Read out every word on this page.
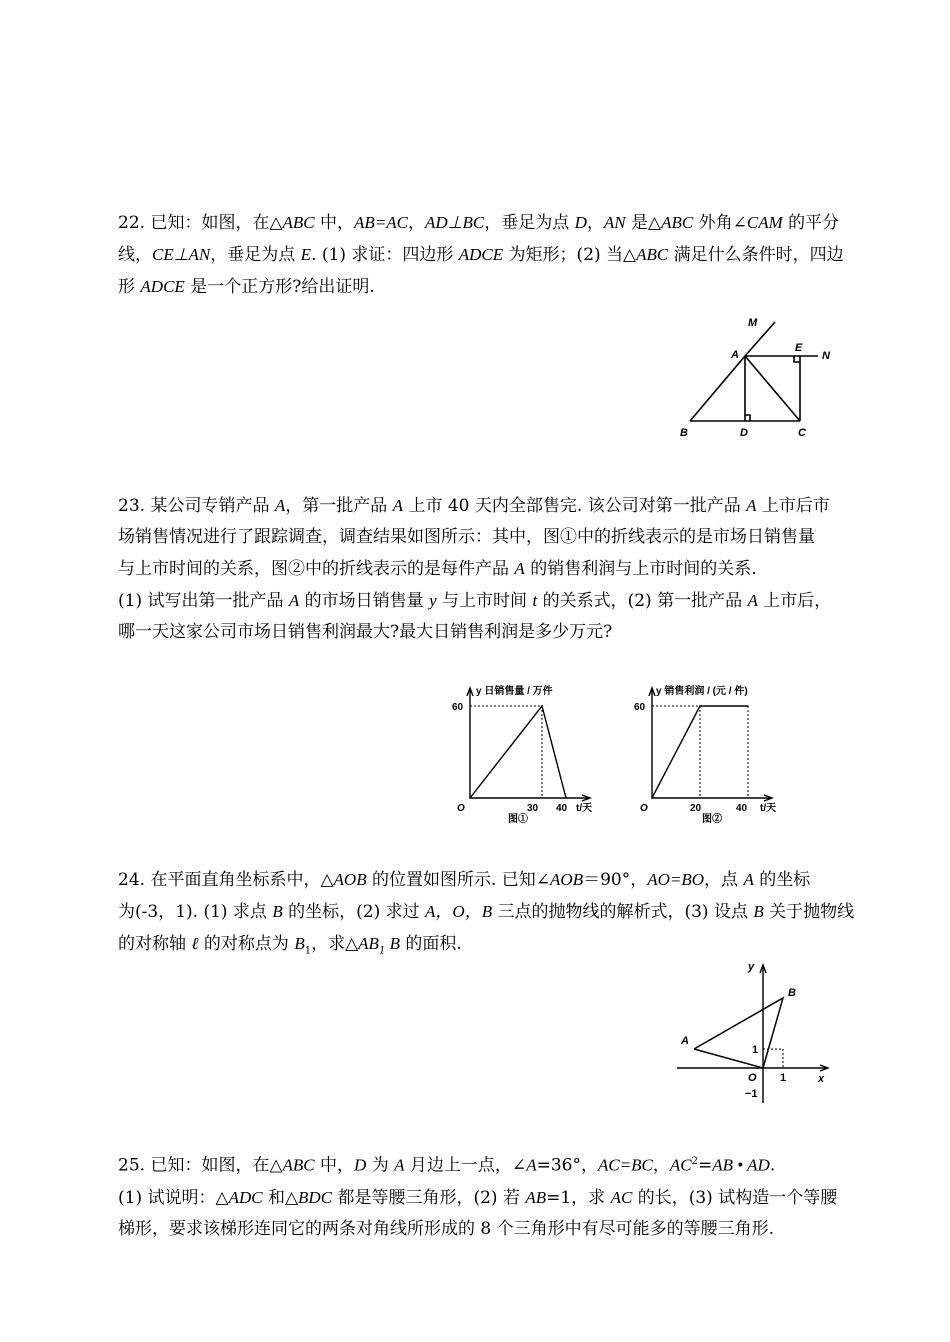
22. 已知：如图，在△ABC 中，AB=AC，AD⊥BC，垂足为点 D，AN 是△ABC 外角∠CAM 的平分

线，CE⊥AN，垂足为点 E. (1) 求证：四边形 ADCE 为矩形；(2) 当△ABC 满足什么条件时，四边

形 ADCE 是一个正方形?给出证明.

M
A
E
N
B	D	C

23. 某公司专销产品 A，第一批产品 A 上市 40 天内全部售完. 该公司对第一批产品 A 上市后市

场销售情况进行了跟踪调查，调查结果如图所示：其中，图①中的折线表示的是市场日销售量

与上市时间的关系，图②中的折线表示的是每件产品 A 的销售利润与上市时间的关系.

(1) 试写出第一批产品 A 的市场日销售量 y 与上市时间 t 的关系式，(2) 第一批产品 A 上市后，

哪一天这家公司市场日销售利润最大?最大日销售利润是多少万元?

y 日销售量 / 万件
60
O	30 40 t/天
图①
y 销售利润 / (元 / 件)
60
O	20	40 t/天
图②

24. 在平面直角坐标系中，△AOB 的位置如图所示. 已知∠AOB＝90°，AO=BO，点 A 的坐标

为(-3，1). (1) 求点 B 的坐标，(2) 求过 A，O，B 三点的抛物线的解析式，(3) 设点 B 关于抛物线

的对称轴 ℓ 的对称点为 $B_1$，求$\triangle AB_1$ B 的面积.

y
B
A
1
O 1	x
−1

25. 已知：如图，在△ABC 中，D 为 A 月边上一点，∠A=36°，AC=BC，$AC^2=AB$ • AD.

(1) 试说明：△ADC 和△BDC 都是等腰三角形，(2) 若 AB=1，求 AC 的长，(3) 试构造一个等腰

梯形，要求该梯形连同它的两条对角线所形成的 8 个三角形中有尽可能多的等腰三角形.
